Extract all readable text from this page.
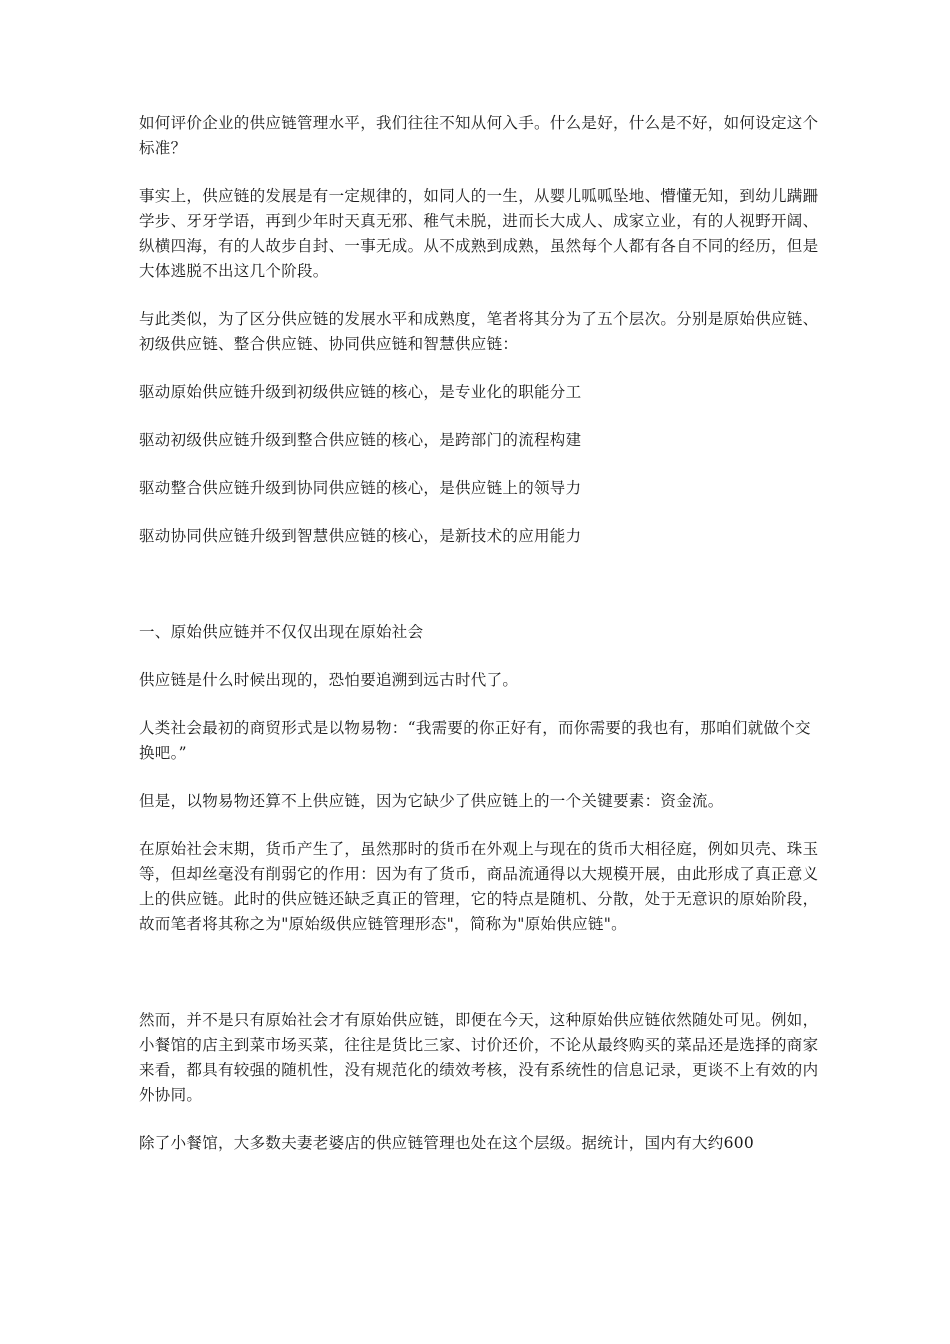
如何评价企业的供应链管理水平，我们往往不知从何入手。什么是好，什么是不好，如何设定这个标准？

事实上，供应链的发展是有一定规律的，如同人的一生，从婴儿呱呱坠地、懵懂无知，到幼儿蹒跚学步、牙牙学语，再到少年时天真无邪、稚气未脱，进而长大成人、成家立业，有的人视野开阔、纵横四海，有的人故步自封、一事无成。从不成熟到成熟，虽然每个人都有各自不同的经历，但是大体逃脱不出这几个阶段。

与此类似，为了区分供应链的发展水平和成熟度，笔者将其分为了五个层次。分别是原始供应链、初级供应链、整合供应链、协同供应链和智慧供应链：

驱动原始供应链升级到初级供应链的核心，是专业化的职能分工

驱动初级供应链升级到整合供应链的核心，是跨部门的流程构建

驱动整合供应链升级到协同供应链的核心，是供应链上的领导力

驱动协同供应链升级到智慧供应链的核心，是新技术的应用能力

一、原始供应链并不仅仅出现在原始社会

供应链是什么时候出现的，恐怕要追溯到远古时代了。

人类社会最初的商贸形式是以物易物：“我需要的你正好有，而你需要的我也有，那咱们就做个交换吧。”

但是，以物易物还算不上供应链，因为它缺少了供应链上的一个关键要素：资金流。

在原始社会末期，货币产生了，虽然那时的货币在外观上与现在的货币大相径庭，例如贝壳、珠玉等，但却丝毫没有削弱它的作用：因为有了货币，商品流通得以大规模开展，由此形成了真正意义上的供应链。此时的供应链还缺乏真正的管理，它的特点是随机、分散，处于无意识的原始阶段，故而笔者将其称之为"原始级供应链管理形态"，简称为"原始供应链"。

然而，并不是只有原始社会才有原始供应链，即便在今天，这种原始供应链依然随处可见。例如，小餐馆的店主到菜市场买菜，往往是货比三家、讨价还价，不论从最终购买的菜品还是选择的商家来看，都具有较强的随机性，没有规范化的绩效考核，没有系统性的信息记录，更谈不上有效的内外协同。

除了小餐馆，大多数夫妻老婆店的供应链管理也处在这个层级。据统计，国内有大约600
